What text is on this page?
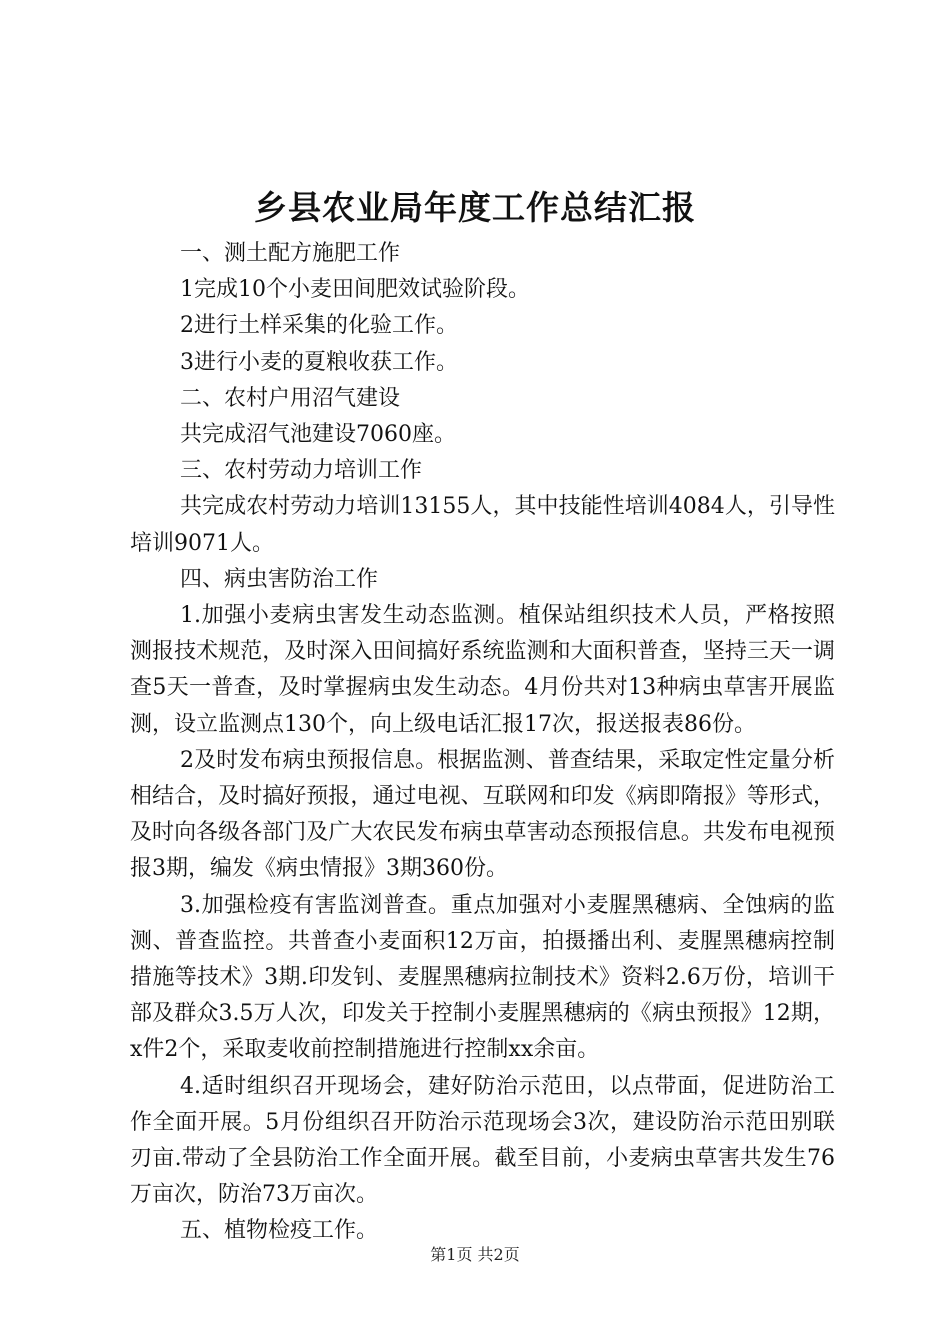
乡县农业局年度工作总结汇报

一、测土配方施肥工作

1完成10个小麦田间肥效试验阶段。

2进行土样采集的化验工作。

3进行小麦的夏粮收获工作。

二、农村户用沼气建设

共完成沼气池建设7060座。

三、农村劳动力培训工作

共完成农村劳动力培训13155人，其中技能性培训4084人，引导性培训9071人。

四、病虫害防治工作

1.加强小麦病虫害发生动态监测。植保站组织技术人员，严格按照测报技术规范，及时深入田间搞好系统监测和大面积普查，坚持三天一调查5天一普查，及时掌握病虫发生动态。4月份共对13种病虫草害开展监测，设立监测点130个，向上级电话汇报17次，报送报表86份。

2及时发布病虫预报信息。根据监测、普查结果，采取定性定量分析相结合，及时搞好预报，通过电视、互联网和印发《病即隋报》等形式，及时向各级各部门及广大农民发布病虫草害动态预报信息。共发布电视预报3期，编发《病虫情报》3期360份。

3.加强检疫有害监浏普查。重点加强对小麦腥黑穗病、全蚀病的监测、普查监控。共普查小麦面积12万亩，拍摄播出利、麦腥黑穗病控制措施等技术》3期.印发钊、麦腥黑穗病拉制技术》资料2.6万份，培训干部及群众3.5万人次，印发关于控制小麦腥黑穗病的《病虫预报》12期，x件2个，采取麦收前控制措施进行控制xx余亩。

4.适时组织召开现场会，建好防治示范田，以点带面，促进防治工作全面开展。5月份组织召开防治示范现场会3次，建设防治示范田别联刃亩.带动了全县防治工作全面开展。截至目前，小麦病虫草害共发生76万亩次，防治73万亩次。

五、植物检疫工作。

第1页 共2页
